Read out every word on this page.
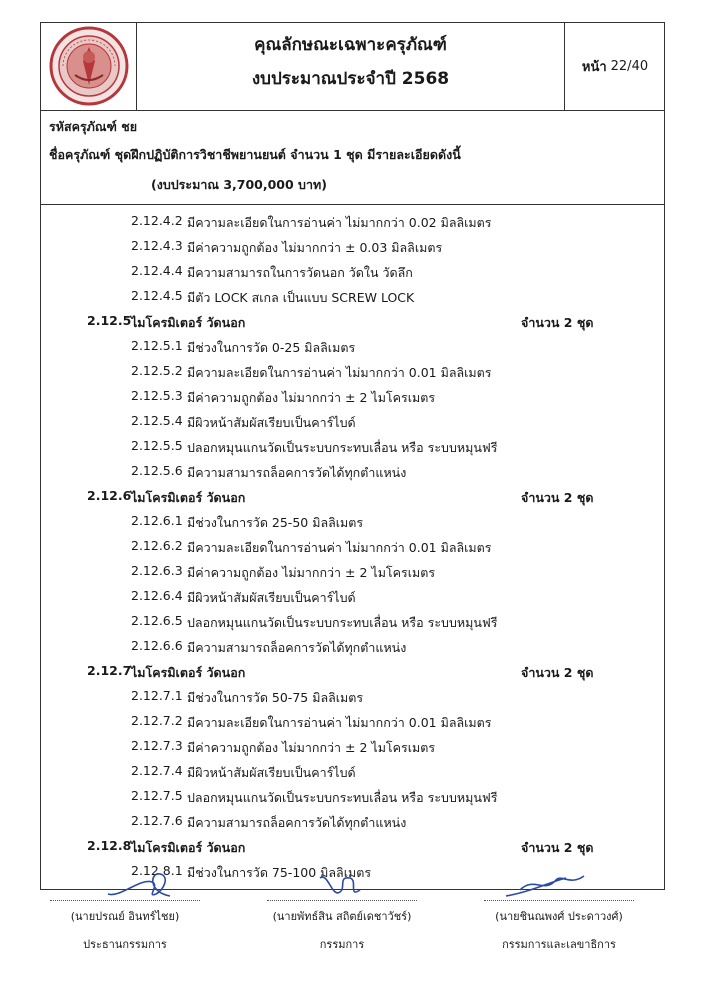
คุณลักษณะเฉพาะครุภัณฑ์
งบประมาณประจำปี 2568
หน้า 22/40
รหัสครุภัณฑ์ ชย
ชื่อครุภัณฑ์ ชุดฝึกปฏิบัติการวิชาชีพยานยนต์ จำนวน 1 ชุด มีรายละเอียดดังนี้
(งบประมาณ 3,700,000 บาท)
2.12.4.2 มีความละเอียดในการอ่านค่า ไม่มากกว่า 0.02 มิลลิเมตร
2.12.4.3 มีค่าความถูกต้อง ไม่มากกว่า ± 0.03 มิลลิเมตร
2.12.4.4 มีความสามารถในการวัดนอก วัดใน วัดลึก
2.12.4.5 มีตัว LOCK สเกล เป็นแบบ SCREW LOCK
2.12.5 ไมโครมิเตอร์ วัดนอก	จำนวน 2 ชุด
2.12.5.1 มีช่วงในการวัด 0-25 มิลลิเมตร
2.12.5.2 มีความละเอียดในการอ่านค่า ไม่มากกว่า 0.01 มิลลิเมตร
2.12.5.3 มีค่าความถูกต้อง ไม่มากกว่า ± 2 ไมโครเมตร
2.12.5.4 มีผิวหน้าสัมผัสเรียบเป็นคาร์ไบด์
2.12.5.5 ปลอกหมุนแกนวัดเป็นระบบกระทบเลื่อน หรือ ระบบหมุนฟรี
2.12.5.6 มีความสามารถล็อคการวัดได้ทุกตำแหน่ง
2.12.6 ไมโครมิเตอร์ วัดนอก	จำนวน 2 ชุด
2.12.6.1 มีช่วงในการวัด 25-50 มิลลิเมตร
2.12.6.2 มีความละเอียดในการอ่านค่า ไม่มากกว่า 0.01 มิลลิเมตร
2.12.6.3 มีค่าความถูกต้อง ไม่มากกว่า ± 2 ไมโครเมตร
2.12.6.4 มีผิวหน้าสัมผัสเรียบเป็นคาร์ไบด์
2.12.6.5 ปลอกหมุนแกนวัดเป็นระบบกระทบเลื่อน หรือ ระบบหมุนฟรี
2.12.6.6 มีความสามารถล็อคการวัดได้ทุกตำแหน่ง
2.12.7 ไมโครมิเตอร์ วัดนอก	จำนวน 2 ชุด
2.12.7.1 มีช่วงในการวัด 50-75 มิลลิเมตร
2.12.7.2 มีความละเอียดในการอ่านค่า ไม่มากกว่า 0.01 มิลลิเมตร
2.12.7.3 มีค่าความถูกต้อง ไม่มากกว่า ± 2 ไมโครเมตร
2.12.7.4 มีผิวหน้าสัมผัสเรียบเป็นคาร์ไบด์
2.12.7.5 ปลอกหมุนแกนวัดเป็นระบบกระทบเลื่อน หรือ ระบบหมุนฟรี
2.12.7.6 มีความสามารถล็อคการวัดได้ทุกตำแหน่ง
2.12.8 ไมโครมิเตอร์ วัดนอก	จำนวน 2 ชุด
2.12.8.1 มีช่วงในการวัด 75-100 มิลลิเมตร
(นายปรณย์ อินทร์ไชย)
ประธานกรรมการ
(นายพัทธ์สิน สถิตย์เดชาวัชร์)
กรรมการ
(นายชินณพงศ์ ประดาวงศ์)
กรรมการและเลขาธิการ
